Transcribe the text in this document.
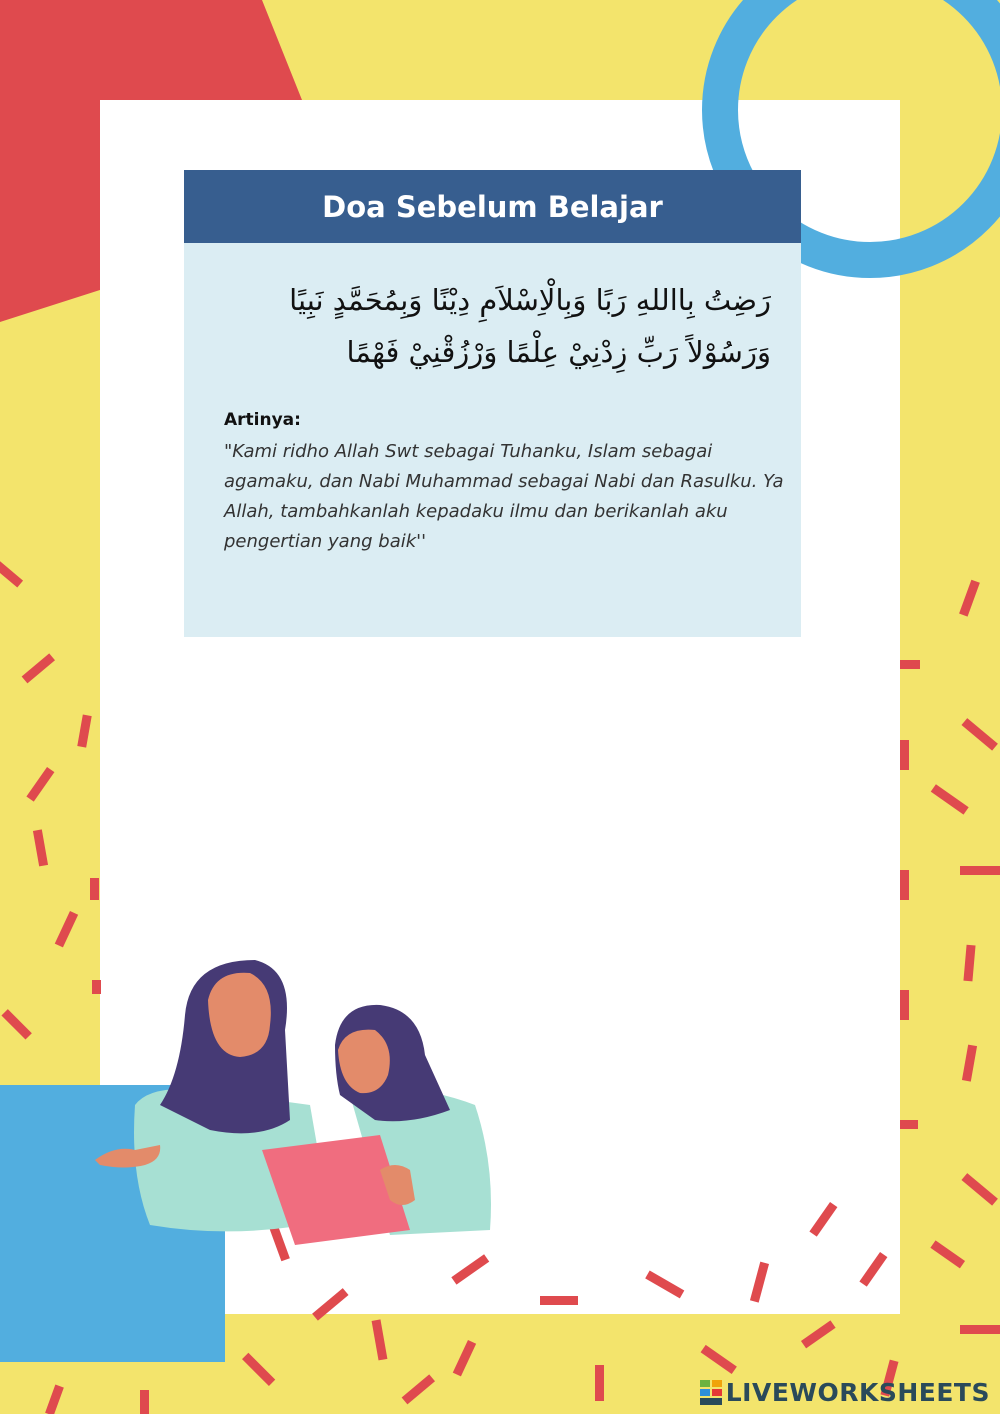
Doa Sebelum Belajar
رَضِتُ بِااللهِ رَبًا وَبِالْاِسْلاَمِ دِيْنًا وَبِمُحَمَّدٍ نَبِيًا
وَرَسُوْلاً رَبِّ زِدْنِيْ عِلْمًا وَرْزُقْنِيْ فَهْمًا
Artinya:
"Kami ridho Allah Swt sebagai Tuhanku, Islam sebagai agamaku, dan Nabi Muhammad sebagai Nabi dan Rasulku. Ya Allah, tambahkanlah kepadaku ilmu dan berikanlah aku pengertian yang baik''
LIVEWORKSHEETS
